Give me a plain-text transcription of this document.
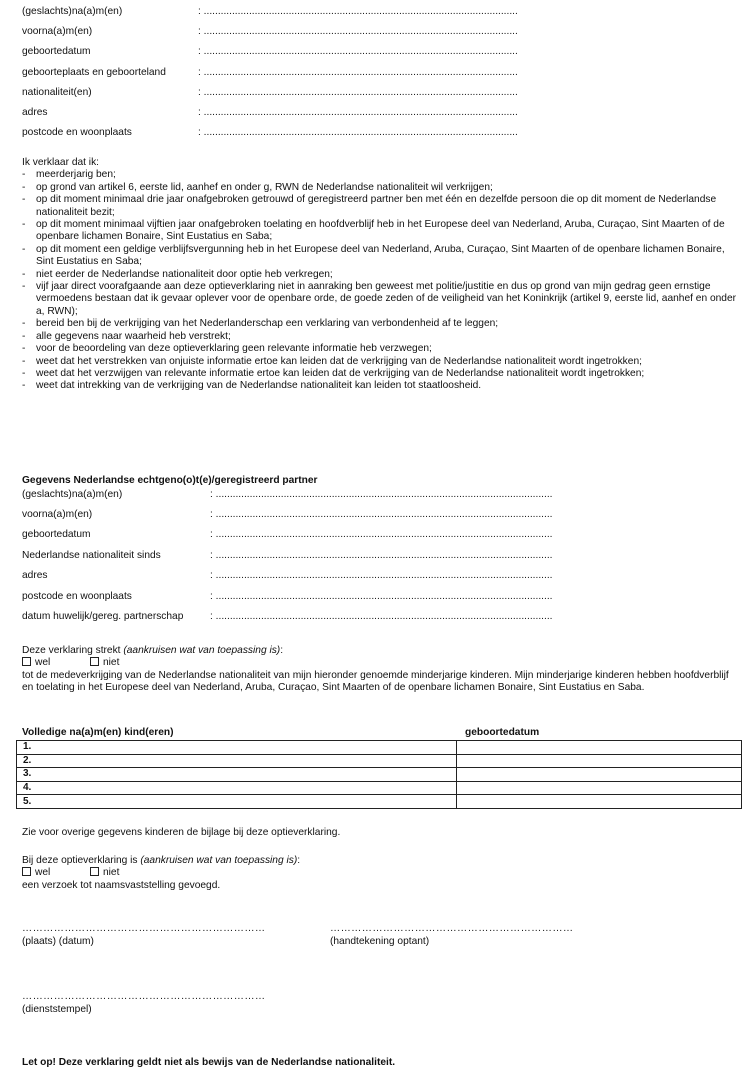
(geslachts)na(a)m(en)	: ...............................................................................................................
voorna(a)m(en)	: ...............................................................................................................
geboortedatum	: ...............................................................................................................
geboorteplaats en geboorteland	: ...............................................................................................................
nationaliteit(en)	: ...............................................................................................................
adres	: ...............................................................................................................
postcode en woonplaats	: ...............................................................................................................
Ik verklaar dat ik:
- meerderjarig ben;
- op grond van artikel 6, eerste lid, aanhef en onder g, RWN de Nederlandse nationaliteit wil verkrijgen;
- op dit moment minimaal drie jaar onafgebroken getrouwd of geregistreerd partner ben met één en dezelfde persoon die op dit moment de Nederlandse nationaliteit bezit;
- op dit moment minimaal vijftien jaar onafgebroken toelating en hoofdverblijf heb in het Europese deel van Nederland, Aruba, Curaçao, Sint Maarten of de openbare lichamen Bonaire, Sint Eustatius en Saba;
- op dit moment een geldige verblijfsvergunning heb in het Europese deel van Nederland, Aruba, Curaçao, Sint Maarten of de openbare lichamen Bonaire, Sint Eustatius en Saba;
- niet eerder de Nederlandse nationaliteit door optie heb verkregen;
- vijf jaar direct voorafgaande aan deze optieverklaring niet in aanraking ben geweest met politie/justitie en dus op grond van mijn gedrag geen ernstige vermoedens bestaan dat ik gevaar oplever voor de openbare orde, de goede zeden of de veiligheid van het Koninkrijk (artikel 9, eerste lid, aanhef en onder a, RWN);
- bereid ben bij de verkrijging van het Nederlanderschap een verklaring van verbondenheid af te leggen;
- alle gegevens naar waarheid heb verstrekt;
- voor de beoordeling van deze optieverklaring geen relevante informatie heb verzwegen;
- weet dat het verstrekken van onjuiste informatie ertoe kan leiden dat de verkrijging van de Nederlandse nationaliteit wordt ingetrokken;
- weet dat het verzwijgen van relevante informatie ertoe kan leiden dat de verkrijging van de Nederlandse nationaliteit wordt ingetrokken;
- weet dat intrekking van de verkrijging van de Nederlandse nationaliteit kan leiden tot staatloosheid.
Gegevens Nederlandse echtgeno(o)t(e)/geregistreerd partner
(geslachts)na(a)m(en)	: .......................................................................................................................
voorna(a)m(en)	: .......................................................................................................................
geboortedatum	: .......................................................................................................................
Nederlandse nationaliteit sinds	: .......................................................................................................................
adres	: .......................................................................................................................
postcode en woonplaats	: .......................................................................................................................
datum huwelijk/gereg. partnerschap	: .......................................................................................................................
Deze verklaring strekt (aankruisen wat van toepassing is):
wel	niet
tot de medeverkrijging van de Nederlandse nationaliteit van mijn hieronder genoemde minderjarige kinderen. Mijn minderjarige kinderen hebben hoofdverblijf en toelating in het Europese deel van Nederland, Aruba, Curaçao, Sint Maarten of de openbare lichamen Bonaire, Sint Eustatius en Saba.
Volledige na(a)m(en) kind(eren)	geboortedatum
1.	
2.	
3.	
4.	
5.	
Zie voor overige gegevens kinderen de bijlage bij deze optieverklaring.
Bij deze optieverklaring is (aankruisen wat van toepassing is):
wel	niet
een verzoek tot naamsvaststelling gevoegd.
……………………………………………………………
(plaats) (datum)
……………………………………………………………
(handtekening optant)
……………………………………………………………
(dienststempel)
Let op! Deze verklaring geldt niet als bewijs van de Nederlandse nationaliteit.
